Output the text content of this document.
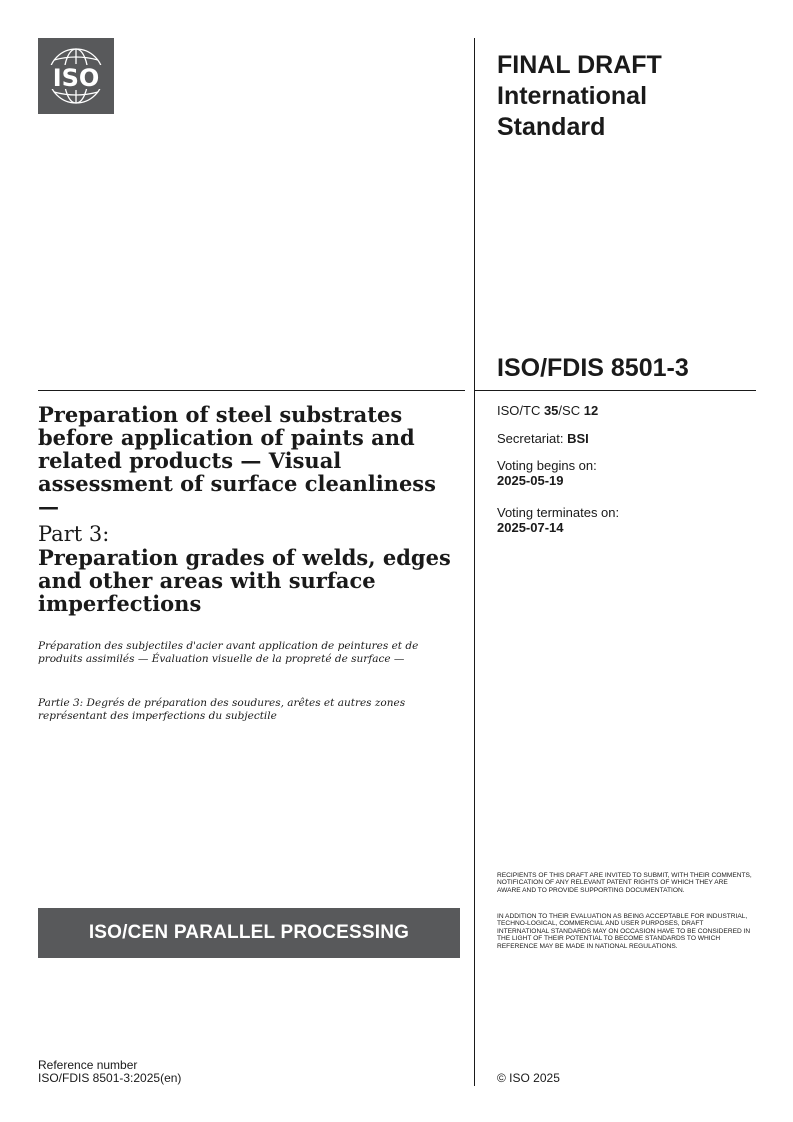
ISO	FINAL DRAFT
International
Standard
ISO/FDIS 8501-3
ISO/TC 35/SC 12
Secretariat: BSI
Voting begins on:
2025-05-19
Voting terminates on:
2025-07-14
Preparation of steel substrates before application of paints and related products — Visual assessment of surface cleanliness —
Part 3:
Preparation grades of welds, edges and other areas with surface imperfections
Préparation des subjectiles d'acier avant application de peintures et de produits assimilés — Évaluation visuelle de la propreté de surface —
Partie 3: Degrés de préparation des soudures, arêtes et autres zones représentant des imperfections du subjectile
RECIPIENTS OF THIS DRAFT ARE INVITED TO SUBMIT, WITH THEIR COMMENTS, NOTIFICATION OF ANY RELEVANT PATENT RIGHTS OF WHICH THEY ARE AWARE AND TO PROVIDE SUPPORTING DOCUMENTATION.
IN ADDITION TO THEIR EVALUATION AS BEING ACCEPTABLE FOR INDUSTRIAL, TECHNO-LOGICAL, COMMERCIAL AND USER PURPOSES, DRAFT INTERNATIONAL STANDARDS MAY ON OCCASION HAVE TO BE CONSIDERED IN THE LIGHT OF THEIR POTENTIAL TO BECOME STANDARDS TO WHICH REFERENCE MAY BE MADE IN NATIONAL REGULATIONS.
ISO/CEN PARALLEL PROCESSING
Reference number
ISO/FDIS 8501-3:2025(en)	© ISO 2025
